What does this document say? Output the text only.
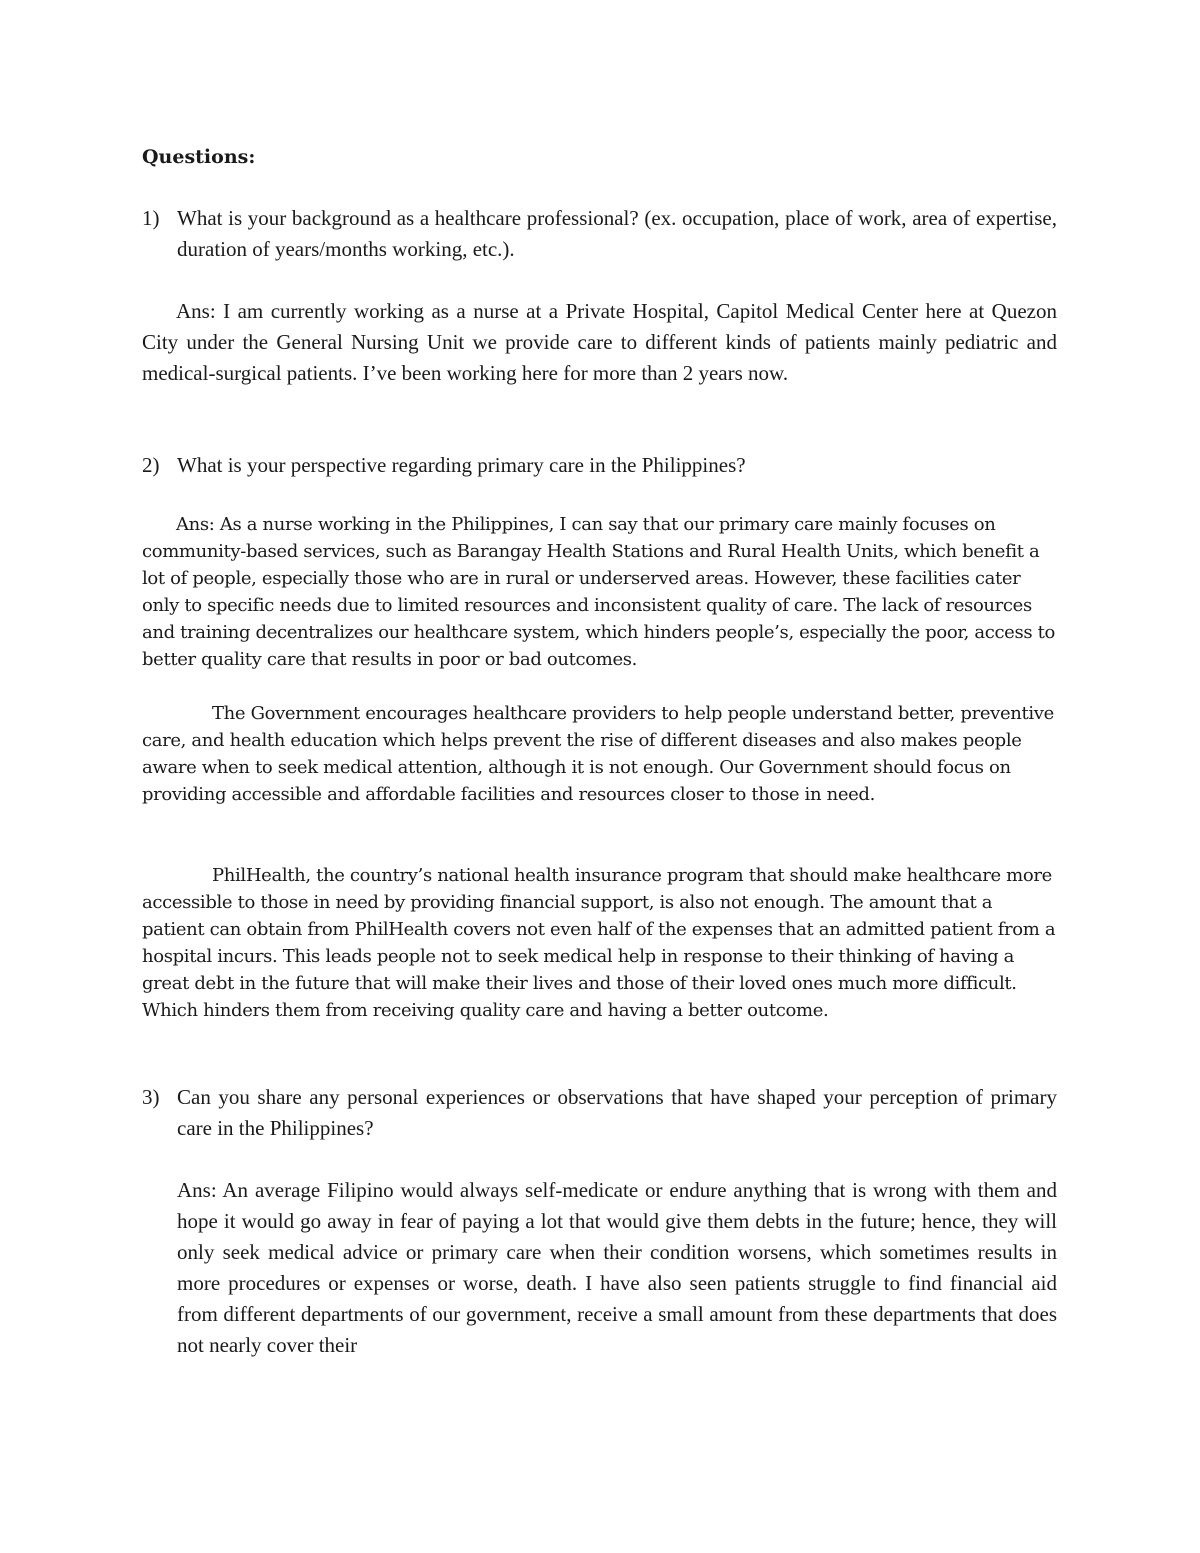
Questions:
1) What is your background as a healthcare professional? (ex. occupation, place of work, area of expertise, duration of years/months working, etc.).
Ans: I am currently working as a nurse at a Private Hospital, Capitol Medical Center here at Quezon City under the General Nursing Unit we provide care to different kinds of patients mainly pediatric and medical-surgical patients. I’ve been working here for more than 2 years now.
2) What is your perspective regarding primary care in the Philippines?
Ans: As a nurse working in the Philippines, I can say that our primary care mainly focuses on community-based services, such as Barangay Health Stations and Rural Health Units, which benefit a lot of people, especially those who are in rural or underserved areas. However, these facilities cater only to specific needs due to limited resources and inconsistent quality of care. The lack of resources and training decentralizes our healthcare system, which hinders people’s, especially the poor, access to better quality care that results in poor or bad outcomes.
The Government encourages healthcare providers to help people understand better, preventive care, and health education which helps prevent the rise of different diseases and also makes people aware when to seek medical attention, although it is not enough. Our Government should focus on providing accessible and affordable facilities and resources closer to those in need.
PhilHealth, the country’s national health insurance program that should make healthcare more accessible to those in need by providing financial support, is also not enough. The amount that a patient can obtain from PhilHealth covers not even half of the expenses that an admitted patient from a hospital incurs. This leads people not to seek medical help in response to their thinking of having a great debt in the future that will make their lives and those of their loved ones much more difficult. Which hinders them from receiving quality care and having a better outcome.
3) Can you share any personal experiences or observations that have shaped your perception of primary care in the Philippines?
Ans: An average Filipino would always self-medicate or endure anything that is wrong with them and hope it would go away in fear of paying a lot that would give them debts in the future; hence, they will only seek medical advice or primary care when their condition worsens, which sometimes results in more procedures or expenses or worse, death. I have also seen patients struggle to find financial aid from different departments of our government, receive a small amount from these departments that does not nearly cover their
